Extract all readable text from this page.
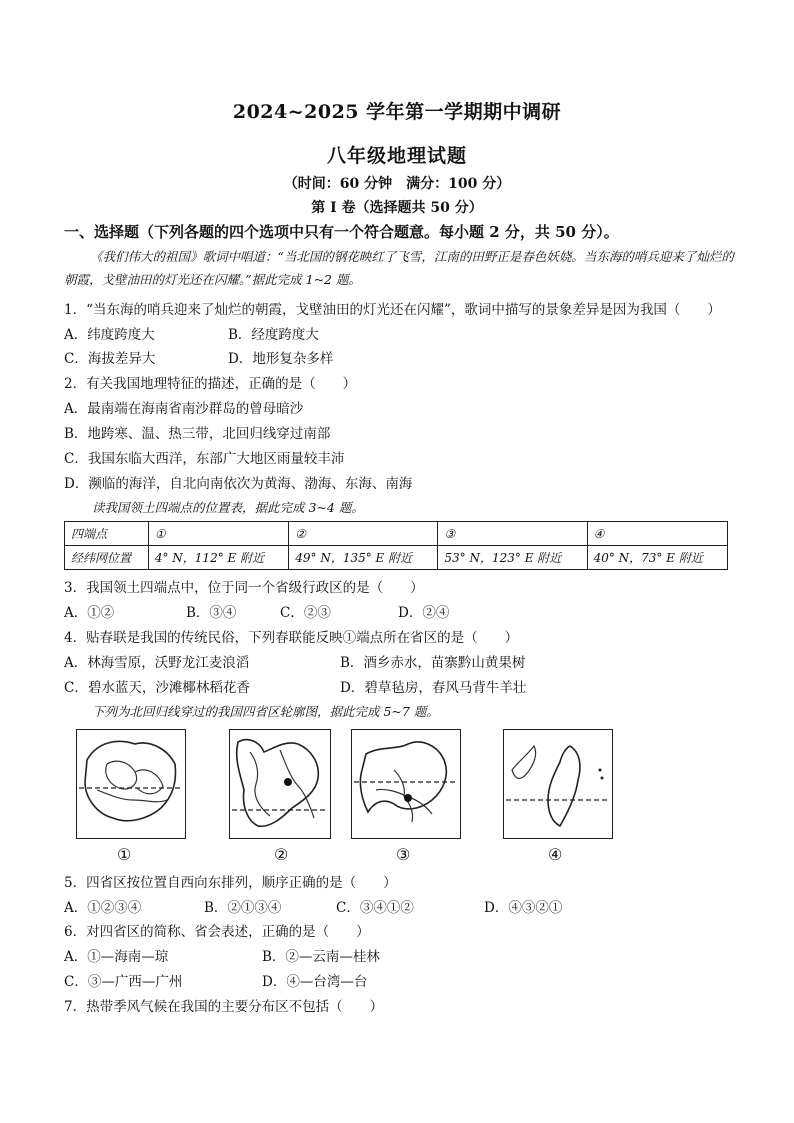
2024~2025 学年第一学期期中调研
八年级地理试题
（时间：60 分钟　满分：100 分）
第 Ⅰ 卷（选择题共 50 分）
一、选择题（下列各题的四个选项中只有一个符合题意。每小题 2 分，共 50 分）。
《我们伟大的祖国》歌词中唱道：“当北国的钢花映红了飞雪，江南的田野正是春色妖娆。当东海的哨兵迎来了灿烂的朝霞，戈壁油田的灯光还在闪耀。”据此完成 1~2 题。
1．“当东海的哨兵迎来了灿烂的朝霞，戈壁油田的灯光还在闪耀”，歌词中描写的景象差异是因为我国（　　）
A．纬度跨度大	B．经度跨度大
C．海拔差异大	D．地形复杂多样
2．有关我国地理特征的描述，正确的是（　　）
A．最南端在海南省南沙群岛的曾母暗沙
B．地跨寒、温、热三带，北回归线穿过南部
C．我国东临大西洋，东部广大地区雨量较丰沛
D．濒临的海洋，自北向南依次为黄海、渤海、东海、南海
读我国领土四端点的位置表，据此完成 3~4 题。
四端点	①	②	③	④
经纬网位置	4° N，112° E 附近	49° N，135° E 附近	53° N，123° E 附近	40° N，73° E 附近
3．我国领土四端点中，位于同一个省级行政区的是（　　）
A．①②	B．③④	C．②③	D．②④
4．贴春联是我国的传统民俗，下列春联能反映①端点所在省区的是（　　）
A．林海雪原，沃野龙江麦浪滔	B．酒乡赤水，苗寨黔山黄果树
C．碧水蓝天，沙滩椰林稻花香	D．碧草毡房，春风马背牛羊壮
下列为北回归线穿过的我国四省区轮廓图，据此完成 5~7 题。
①	②	③	④
5．四省区按位置自西向东排列，顺序正确的是（　　）
A．①②③④	B．②①③④	C．③④①②	D．④③②①
6．对四省区的简称、省会表述，正确的是（　　）
A．①—海南—琼	B．②—云南—桂林
C．③—广西—广州	D．④—台湾—台
7．热带季风气候在我国的主要分布区不包括（　　）
